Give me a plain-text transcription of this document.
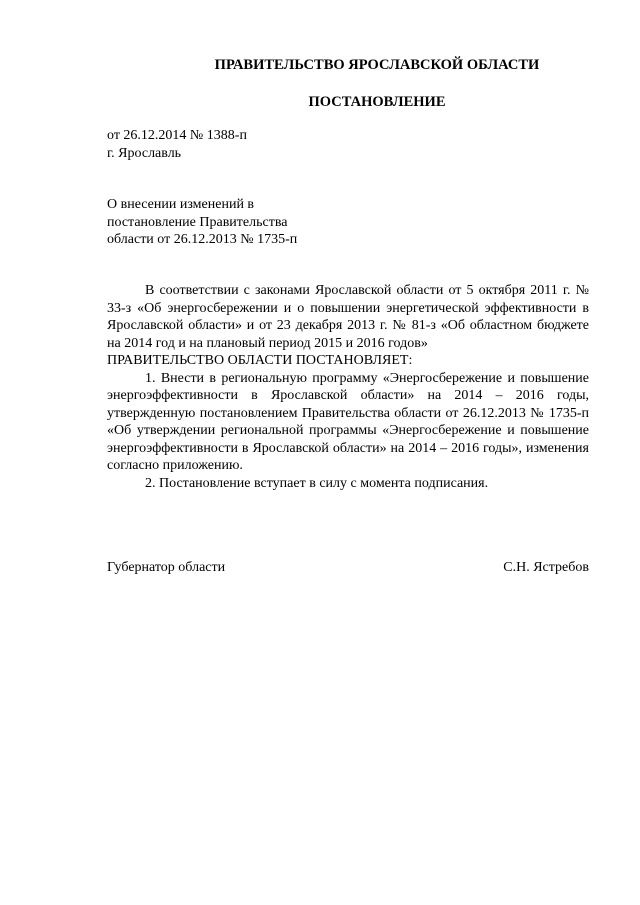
ПРАВИТЕЛЬСТВО ЯРОСЛАВСКОЙ ОБЛАСТИ
ПОСТАНОВЛЕНИЕ
от 26.12.2014 № 1388-п
г. Ярославль
О внесении изменений в
постановление Правительства
области от 26.12.2013 № 1735-п

В соответствии с законами Ярославской области от 5 октября 2011 г. № 33-з «Об энергосбережении и о повышении энергетической эффективности в Ярославской области» и от 23 декабря 2013 г. № 81-з «Об областном бюджете на 2014 год и на плановый период 2015 и 2016 годов»

ПРАВИТЕЛЬСТВО ОБЛАСТИ ПОСТАНОВЛЯЕТ:

1. Внести в региональную программу «Энергосбережение и повышение энергоэффективности в Ярославской области» на 2014 – 2016 годы, утвержденную постановлением Правительства области от 26.12.2013 № 1735-п «Об утверждении региональной программы «Энергосбережение и повышение энергоэффективности в Ярославской области» на 2014 – 2016 годы», изменения согласно приложению.

2. Постановление вступает в силу с момента подписания.

Губернатор области	С.Н. Ястребов
